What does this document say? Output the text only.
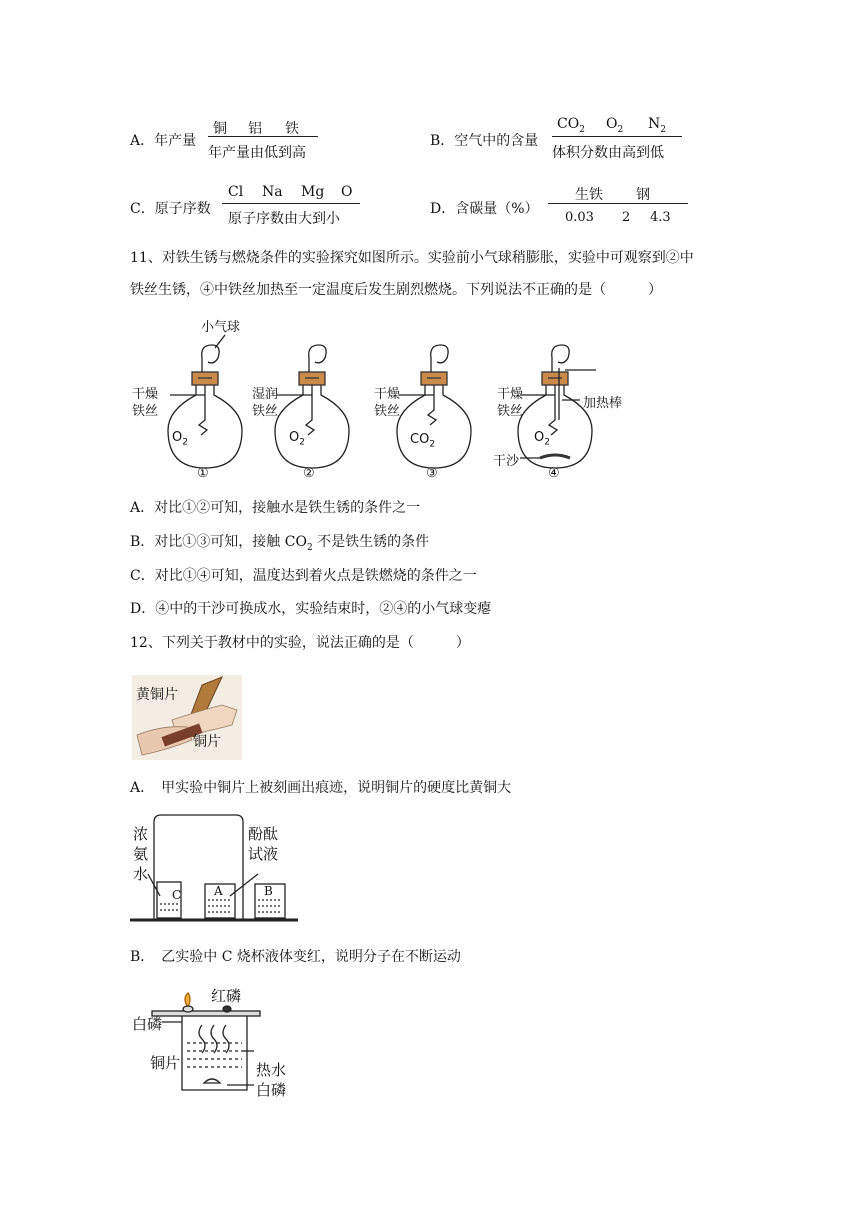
A．年产量
铜 铝 铁
年产量由低到高
B．空气中的含量
$CO_2$ $O_2$ $N_2$
体积分数由高到低
C．原子序数
Cl Na Mg O
原子序数由大到小
D．含碳量（%）
生铁 钢
0.03 2 4.3
11、对铁生锈与燃烧条件的实验探究如图所示。实验前小气球稍膨胀，实验中可观察到②中
铁丝生锈，④中铁丝加热至一定温度后发生剧烈燃烧。下列说法不正确的是（　　　）
小气球
干燥
铁丝
$O_2$
①
湿润
铁丝
$O_2$
②
干燥
铁丝
$CO_2$
③
干燥
铁丝
$O_2$
加热棒
干沙
④
A．对比①②可知，接触水是铁生锈的条件之一
B．对比①③可知，接触 $CO_2$ 不是铁生锈的条件
C．对比①④可知，温度达到着火点是铁燃烧的条件之一
D．④中的干沙可换成水，实验结束时，②④的小气球变瘪
12、下列关于教材中的实验，说法正确的是（　　　）
黄铜片
铜片
A．　甲实验中铜片上被刻画出痕迹，说明铜片的硬度比黄铜大
浓
氨
水
酚酞
试液
C	A	B
B．　乙实验中 C 烧杯液体变红，说明分子在不断运动
红磷
白磷
铜片	热水
白磷
